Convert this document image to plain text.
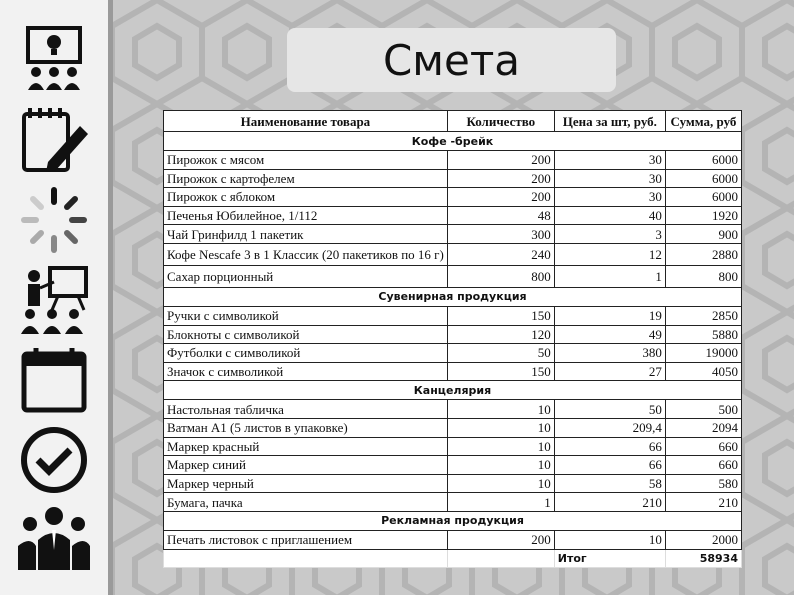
Смета
Наименование товара	Количество	Цена за шт, руб.	Сумма, руб
Кофе -брейк			
Пирожок с мясом	200	30	6000
Пирожок с картофелем	200	30	6000
Пирожок с яблоком	200	30	6000
Печенья Юбилейное, 1/112	48	40	1920
Чай Гринфилд 1 пакетик	300	3	900
Кофе Nescafe 3 в 1 Классик (20 пакетиков по 16 г)	240	12	2880
Сахар порционный	800	1	800
Сувенирная продукция			
Ручки с символикой	150	19	2850
Блокноты с символикой	120	49	5880
Футболки с символикой	50	380	19000
Значок с символикой	150	27	4050
Канцелярия			
Настольная табличка	10	50	500
Ватман А1 (5 листов в упаковке)	10	209,4	2094
Маркер красный	10	66	660
Маркер синий	10	66	660
Маркер черный	10	58	580
Бумага, пачка	1	210	210
Рекламная продукция			
Печать листовок с приглашением	200	10	2000
		Итог	58934
